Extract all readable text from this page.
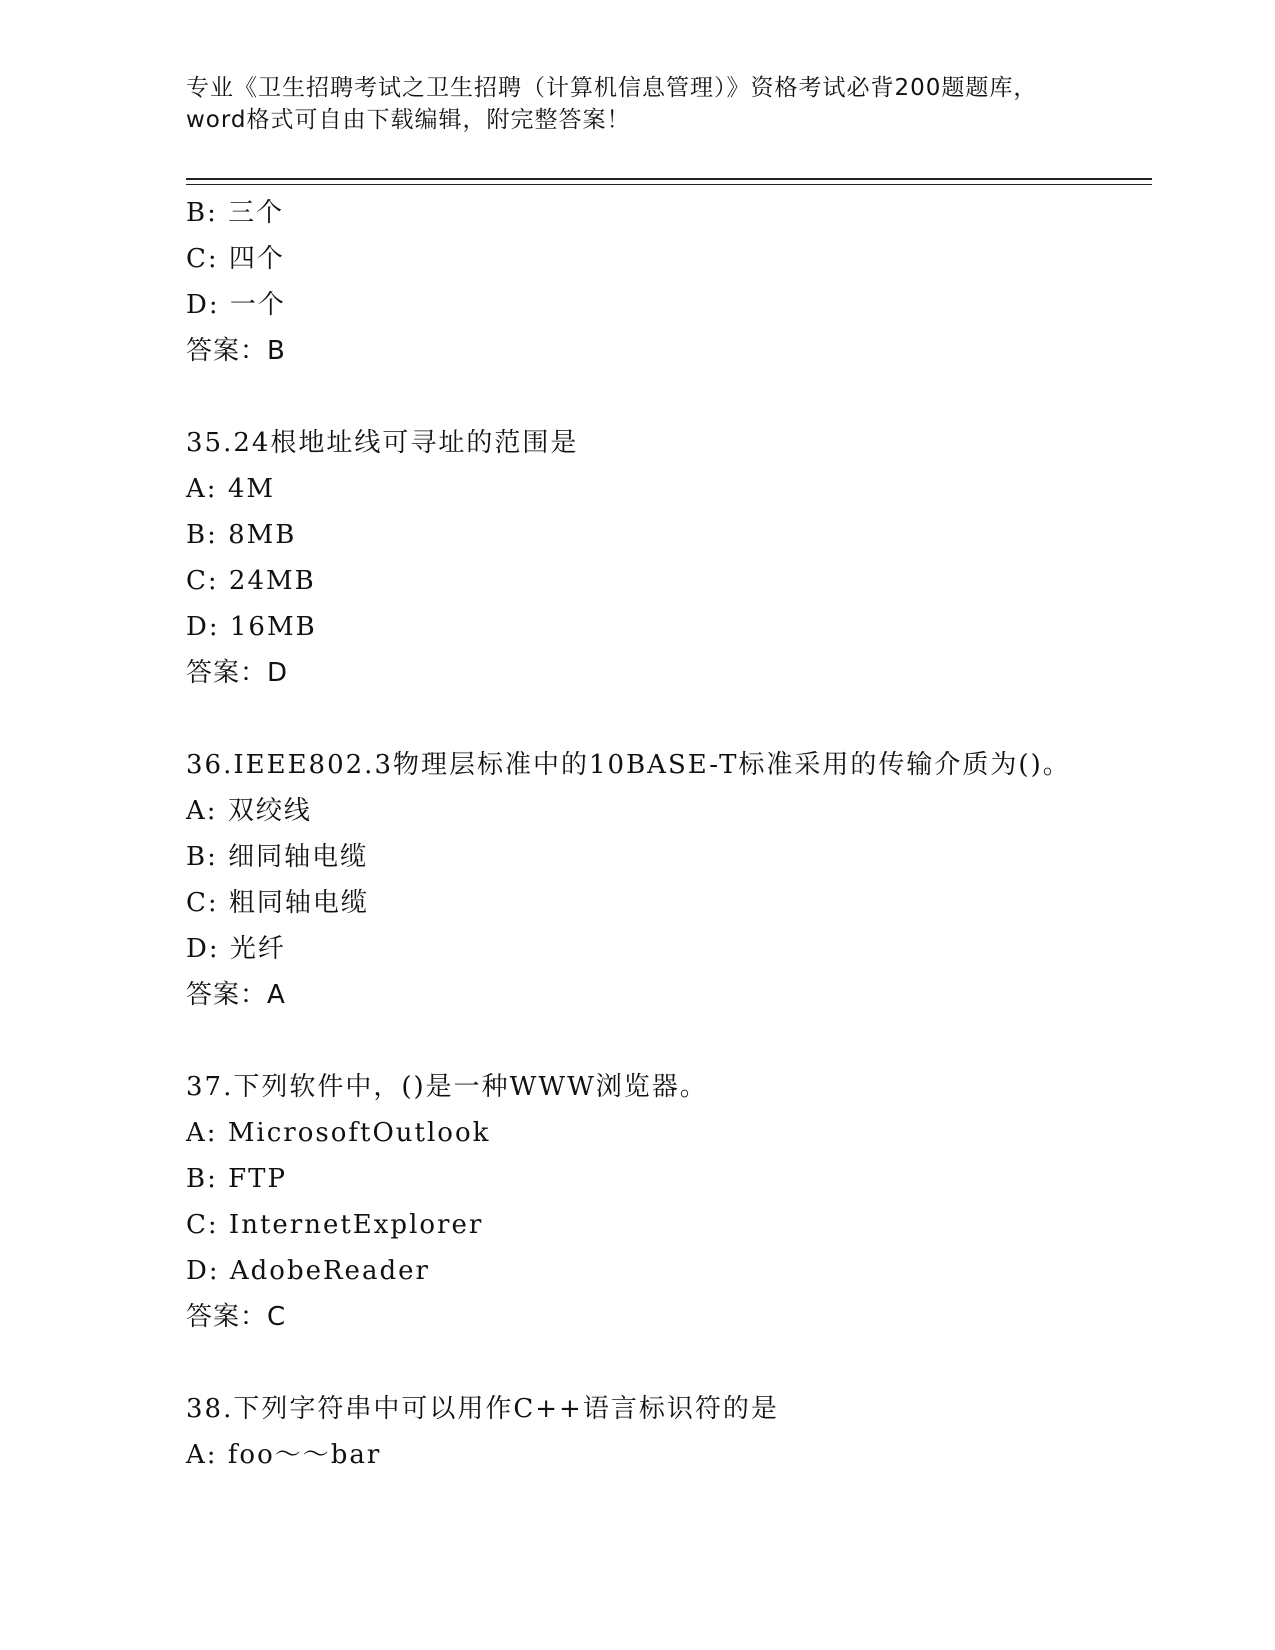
专业《卫生招聘考试之卫生招聘（计算机信息管理）》资格考试必背200题题库，
word格式可自由下载编辑，附完整答案！
B: 三个
C: 四个
D: 一个
答案：B
35.24根地址线可寻址的范围是
A: 4M
B: 8MB
C: 24MB
D: 16MB
答案：D
36.IEEE802.3物理层标准中的10BASE-T标准采用的传输介质为()。
A: 双绞线
B: 细同轴电缆
C: 粗同轴电缆
D: 光纤
答案：A
37.下列软件中，()是一种WWW浏览器。
A: MicrosoftOutlook
B: FTP
C: InternetExplorer
D: AdobeReader
答案：C
38.下列字符串中可以用作C++语言标识符的是
A: foo～～bar
